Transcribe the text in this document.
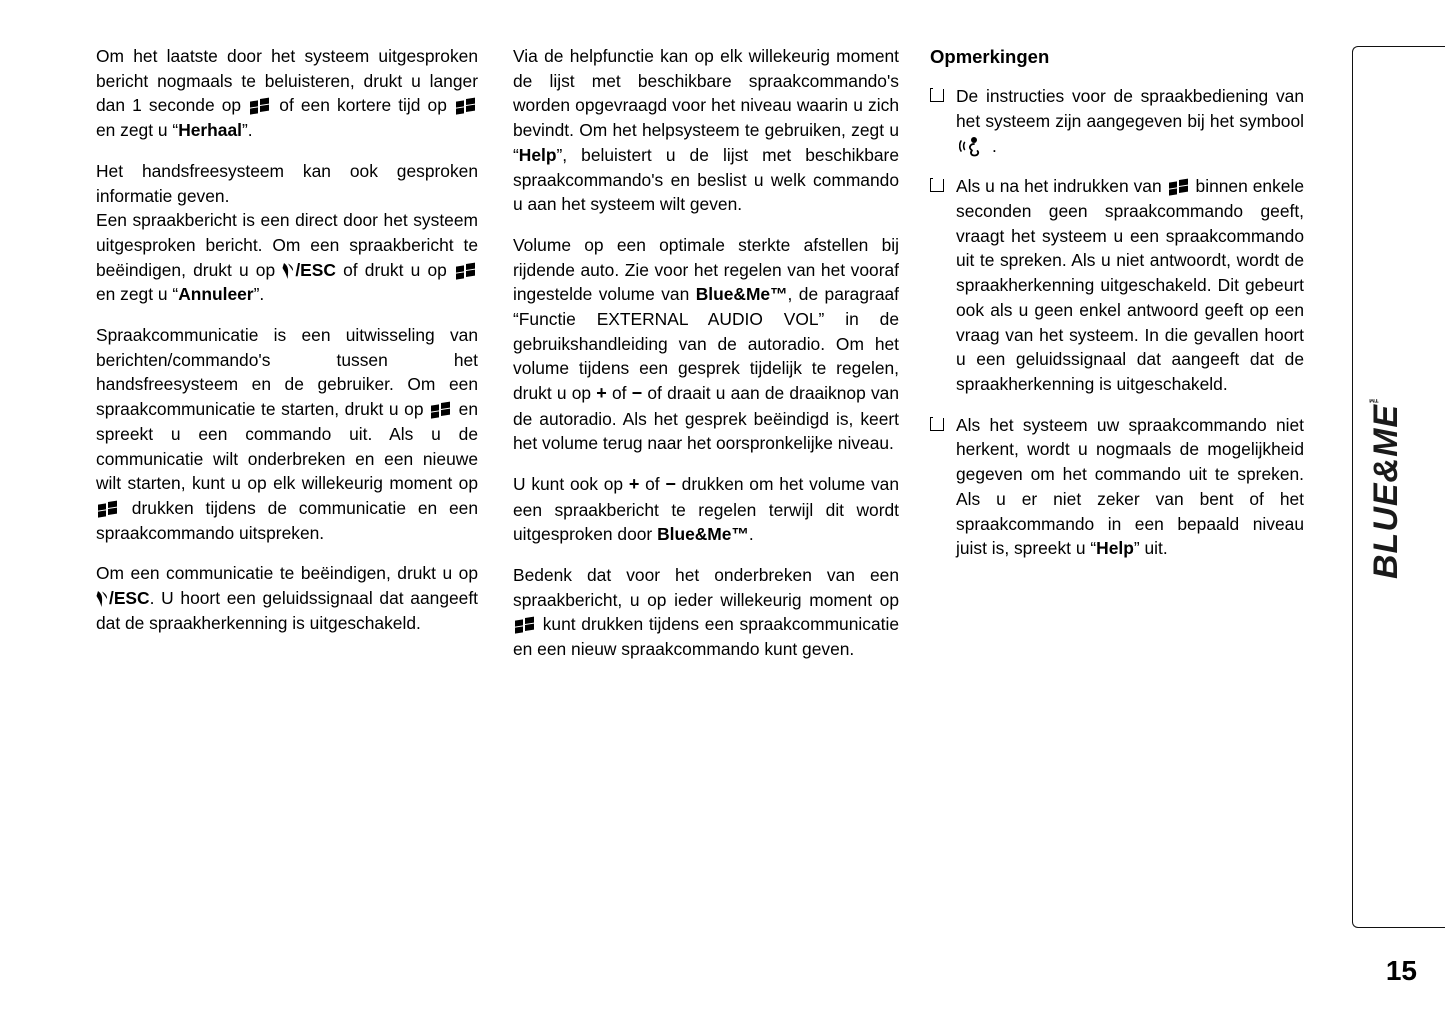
Om het laatste door het systeem uitgesproken bericht nogmaals te beluisteren, drukt u langer dan 1 seconde op
of een kortere tijd op
en zegt u “Herhaal”.

Het handsfreesysteem kan ook gesproken informatie geven.

Een spraakbericht is een direct door het systeem uitgesproken bericht. Om een spraakbericht te beëindigen, drukt u op
/ESC of drukt u op
en zegt u “Annuleer”.

Spraakcommunicatie is een uitwisseling van berichten/commando's tussen het handsfreesysteem en de gebruiker. Om een spraakcommunicatie te starten, drukt u op
en spreekt u een commando uit. Als u de communicatie wilt onderbreken en een nieuwe wilt starten, kunt u op elk willekeurig moment op
drukken tijdens de communicatie en een spraakcommando uitspreken.

Om een communicatie te beëindigen, drukt u op
/ESC. U hoort een geluidssignaal dat aangeeft dat de spraakherkenning is uitgeschakeld.

Via de helpfunctie kan op elk willekeurig moment de lijst met beschikbare spraakcommando's worden opgevraagd voor het niveau waarin u zich bevindt. Om het helpsysteem te gebruiken, zegt u “Help”, beluistert u de lijst met beschikbare spraakcommando's en beslist u welk commando u aan het systeem wilt geven.

Volume op een optimale sterkte afstellen bij rijdende auto. Zie voor het regelen van het vooraf ingestelde volume van Blue&Me™, de paragraaf “Functie EXTERNAL AUDIO VOL” in de gebruikshandleiding van de autoradio. Om het volume tijdens een gesprek tijdelijk te regelen, drukt u op + of − of draait u aan de draaiknop van de autoradio. Als het gesprek beëindigd is, keert het volume terug naar het oorspronkelijke niveau.

U kunt ook op + of − drukken om het volume van een spraakbericht te regelen terwijl dit wordt uitgesproken door Blue&Me™.

Bedenk dat voor het onderbreken van een spraakbericht, u op ieder willekeurig moment op
kunt drukken tijdens een spraakcommunicatie en een nieuw spraakcommando kunt geven.

Opmerkingen
De instructies voor de spraakbediening van het systeem zijn aangegeven bij het symbool
.
Als u na het indrukken van
binnen enkele seconden geen spraakcommando geeft, vraagt het systeem u een spraakcommando uit te spreken. Als u niet antwoordt, wordt de spraakherkenning uitgeschakeld. Dit gebeurt ook als u geen enkel antwoord geeft op een vraag van het systeem. In die gevallen hoort u een geluidssignaal dat aangeeft dat de spraakherkenning is uitgeschakeld.
Als het systeem uw spraakcommando niet herkent, wordt u nogmaals de mogelijkheid gegeven om het commando uit te spreken. Als u er niet zeker van bent of het spraakcommando in een bepaald niveau juist is, spreekt u “Help” uit.	BLUE&ME™
15
